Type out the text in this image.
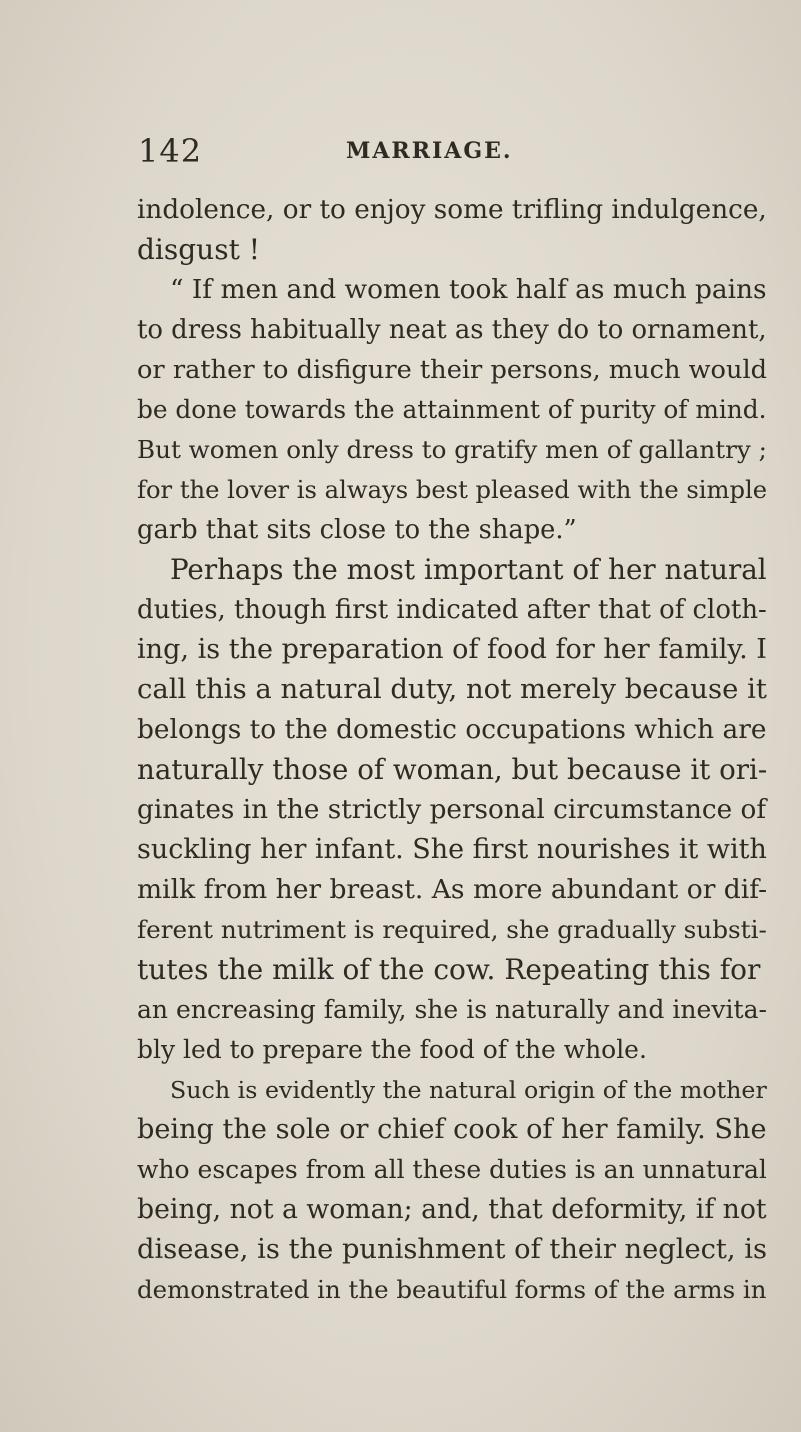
142	MARRIAGE.
indolence, or to enjoy some trifling indulgence,
disgust !
“ If men and women took half as much pains
to dress habitually neat as they do to ornament,
or rather to disfigure their persons, much would
be done towards the attainment of purity of mind.
But women only dress to gratify men of gallantry ;
for the lover is always best pleased with the simple
garb that sits close to the shape.”
Perhaps the most important of her natural
duties, though first indicated after that of cloth-
ing, is the preparation of food for her family. I
call this a natural duty, not merely because it
belongs to the domestic occupations which are
naturally those of woman, but because it ori-
ginates in the strictly personal circumstance of
suckling her infant. She first nourishes it with
milk from her breast. As more abundant or dif-
ferent nutriment is required, she gradually substi-
tutes the milk of the cow. Repeating this for
an encreasing family, she is naturally and inevita-
bly led to prepare the food of the whole.
Such is evidently the natural origin of the mother
being the sole or chief cook of her family. She
who escapes from all these duties is an unnatural
being, not a woman; and, that deformity, if not
disease, is the punishment of their neglect, is
demonstrated in the beautiful forms of the arms in
